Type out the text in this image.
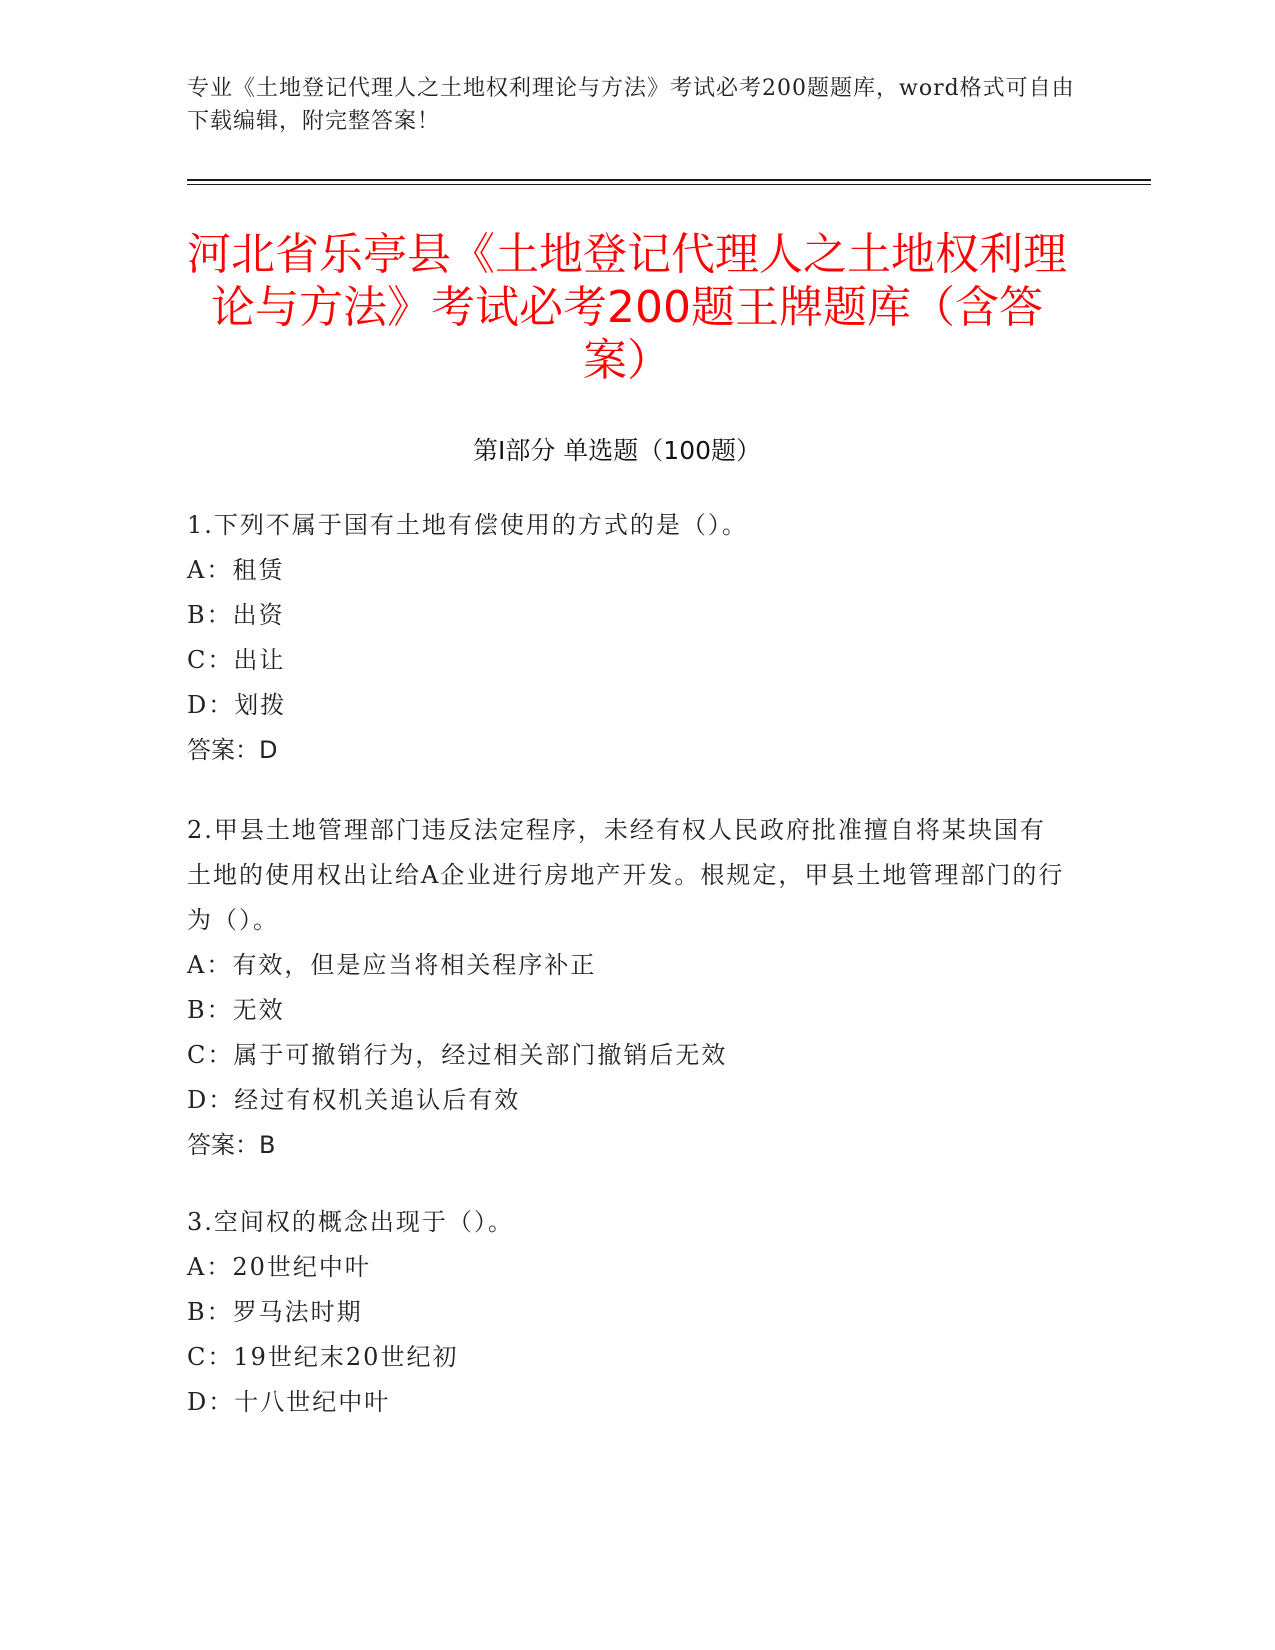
专业《土地登记代理人之土地权利理论与方法》考试必考200题题库，word格式可自由下载编辑，附完整答案！
河北省乐亭县《土地登记代理人之土地权利理论与方法》考试必考200题王牌题库（含答案）
第I部分 单选题（100题）
1.下列不属于国有土地有偿使用的方式的是（）。
A：租赁
B：出资
C：出让
D：划拨
答案：D
2.甲县土地管理部门违反法定程序，未经有权人民政府批准擅自将某块国有土地的使用权出让给A企业进行房地产开发。根规定，甲县土地管理部门的行为（）。
A：有效，但是应当将相关程序补正
B：无效
C：属于可撤销行为，经过相关部门撤销后无效
D：经过有权机关追认后有效
答案：B
3.空间权的概念出现于（）。
A：20世纪中叶
B：罗马法时期
C：19世纪末20世纪初
D：十八世纪中叶
